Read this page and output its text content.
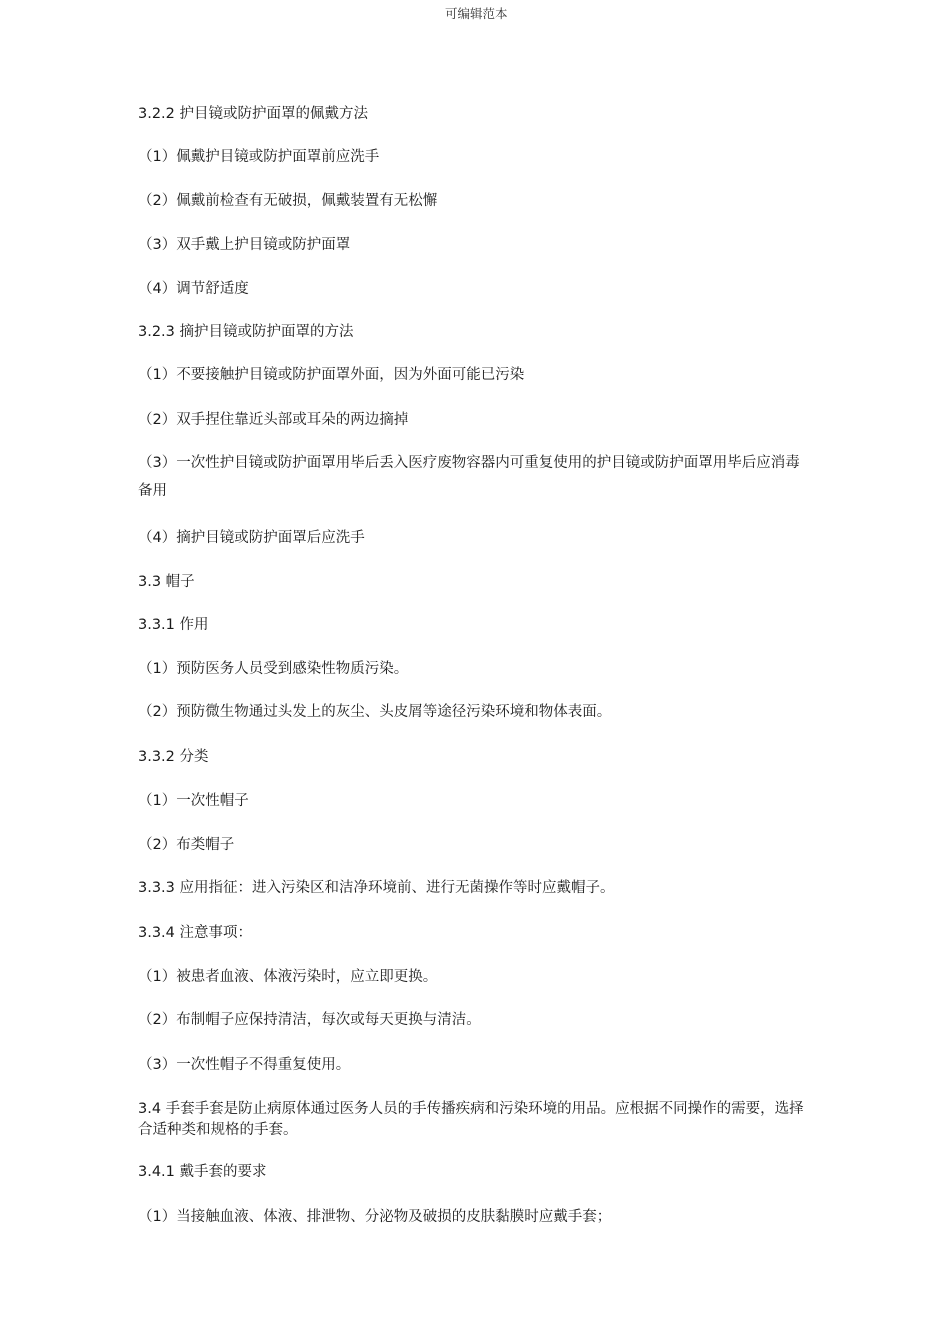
可编辑范本
3.2.2 护目镜或防护面罩的佩戴方法
（1）佩戴护目镜或防护面罩前应洗手
（2）佩戴前检查有无破损，佩戴装置有无松懈
（3）双手戴上护目镜或防护面罩
（4）调节舒适度
3.2.3 摘护目镜或防护面罩的方法
（1）不要接触护目镜或防护面罩外面，因为外面可能已污染
（2）双手捏住靠近头部或耳朵的两边摘掉
（3）一次性护目镜或防护面罩用毕后丢入医疗废物容器内可重复使用的护目镜或防护面罩用毕后应消毒备用
（4）摘护目镜或防护面罩后应洗手
3.3 帽子
3.3.1 作用
（1）预防医务人员受到感染性物质污染。
（2）预防微生物通过头发上的灰尘、头皮屑等途径污染环境和物体表面。
3.3.2 分类
（1）一次性帽子
（2）布类帽子
3.3.3 应用指征：进入污染区和洁净环境前、进行无菌操作等时应戴帽子。
3.3.4 注意事项：
（1）被患者血液、体液污染时，应立即更换。
（2）布制帽子应保持清洁，每次或每天更换与清洁。
（3）一次性帽子不得重复使用。
3.4 手套手套是防止病原体通过医务人员的手传播疾病和污染环境的用品。应根据不同操作的需要，选择合适种类和规格的手套。
3.4.1 戴手套的要求
（1）当接触血液、体液、排泄物、分泌物及破损的皮肤黏膜时应戴手套；
